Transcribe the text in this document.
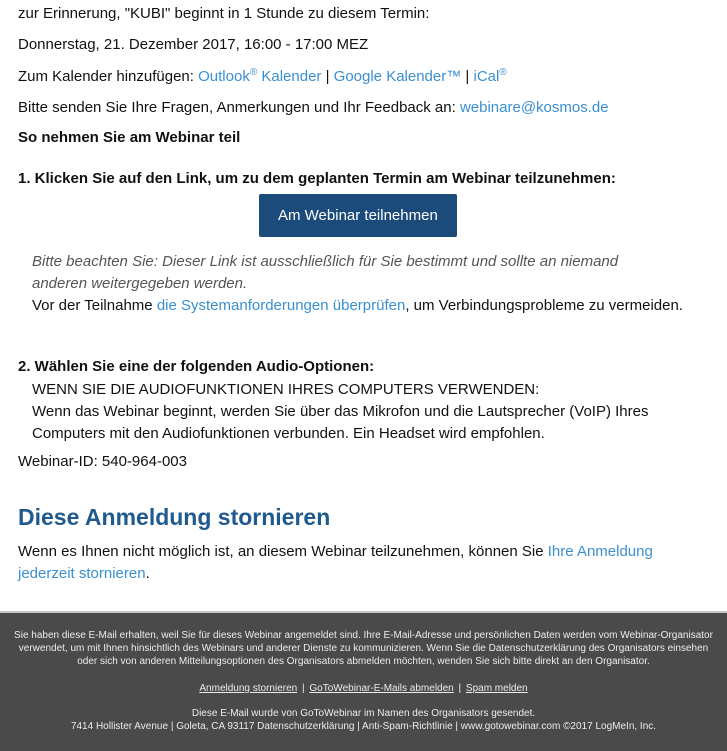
zur Erinnerung, "KUBI" beginnt in 1 Stunde zu diesem Termin:

Donnerstag, 21. Dezember 2017, 16:00 - 17:00 MEZ

Zum Kalender hinzufügen: Outlook® Kalender | Google Kalender™ | iCal®

Bitte senden Sie Ihre Fragen, Anmerkungen und Ihr Feedback an: webinare@kosmos.de

So nehmen Sie am Webinar teil

1. Klicken Sie auf den Link, um zu dem geplanten Termin am Webinar teilzunehmen:

Am Webinar teilnehmen

Bitte beachten Sie: Dieser Link ist ausschließlich für Sie bestimmt und sollte an niemand anderen weitergegeben werden.

Vor der Teilnahme die Systemanforderungen überprüfen, um Verbindungsprobleme zu vermeiden.

2. Wählen Sie eine der folgenden Audio-Optionen:

WENN SIE DIE AUDIOFUNKTIONEN IHRES COMPUTERS VERWENDEN:

Wenn das Webinar beginnt, werden Sie über das Mikrofon und die Lautsprecher (VoIP) Ihres Computers mit den Audiofunktionen verbunden. Ein Headset wird empfohlen.

Webinar-ID: 540-964-003

Diese Anmeldung stornieren

Wenn es Ihnen nicht möglich ist, an diesem Webinar teilzunehmen, können Sie Ihre Anmeldung jederzeit stornieren.

Sie haben diese E-Mail erhalten, weil Sie für dieses Webinar angemeldet sind. Ihre E-Mail-Adresse und persönlichen Daten werden vom Webinar-Organisator verwendet, um mit Ihnen hinsichtlich des Webinars und anderer Dienste zu kommunizieren. Wenn Sie die Datenschutzerklärung des Organisators einsehen oder sich von anderen Mitteilungsoptionen des Organisators abmelden möchten, wenden Sie sich bitte direkt an den Organisator.
Anmeldung stornieren | GoToWebinar-E-Mails abmelden | Spam melden
Diese E-Mail wurde von GoToWebinar im Namen des Organisators gesendet.
7414 Hollister Avenue | Goleta, CA 93117 Datenschutzerklärung | Anti-Spam-Richtlinie | www.gotowebinar.com ©2017 LogMeIn, Inc.
